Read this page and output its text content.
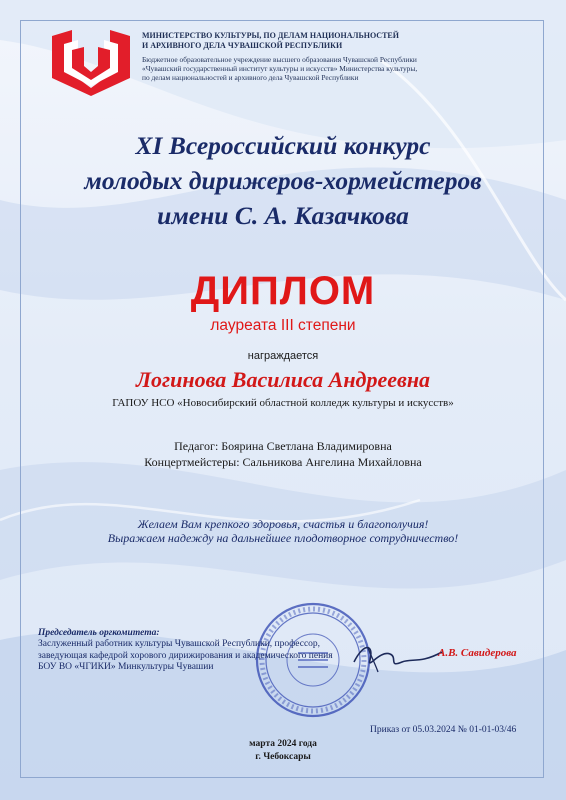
МИНИСТЕРСТВО КУЛЬТУРЫ, ПО ДЕЛАМ НАЦИОНАЛЬНОСТЕЙ
И АРХИВНОГО ДЕЛА ЧУВАШСКОЙ РЕСПУБЛИКИ
Бюджетное образовательное учреждение высшего образования Чувашской Республики
«Чувашский государственный институт культуры и искусств» Министерства культуры,
по делам национальностей и архивного дела Чувашской Республики
XI Всероссийский конкурс
молодых дирижеров-хормейстеров
имени С. А. Казачкова
ДИПЛОМ
лауреата III степени
награждается
Логинова Василиса Андреевна
ГАПОУ НСО «Новосибирский областной колледж культуры и искусств»
Педагог: Боярина Светлана Владимировна
Концертмейстеры: Сальникова Ангелина Михайловна
Желаем Вам крепкого здоровья, счастья и благополучия!
Выражаем надежду на дальнейшее плодотворное сотрудничество!
Председатель оргкомитета:
Заслуженный работник культуры Чувашской Республики, профессор,
заведующая кафедрой хорового дирижирования и академического пения
БОУ ВО «ЧГИКИ» Минкультуры Чувашии
А.В. Савидерова
Приказ от 05.03.2024 № 01-01-03/46
марта 2024 года
г. Чебоксары
